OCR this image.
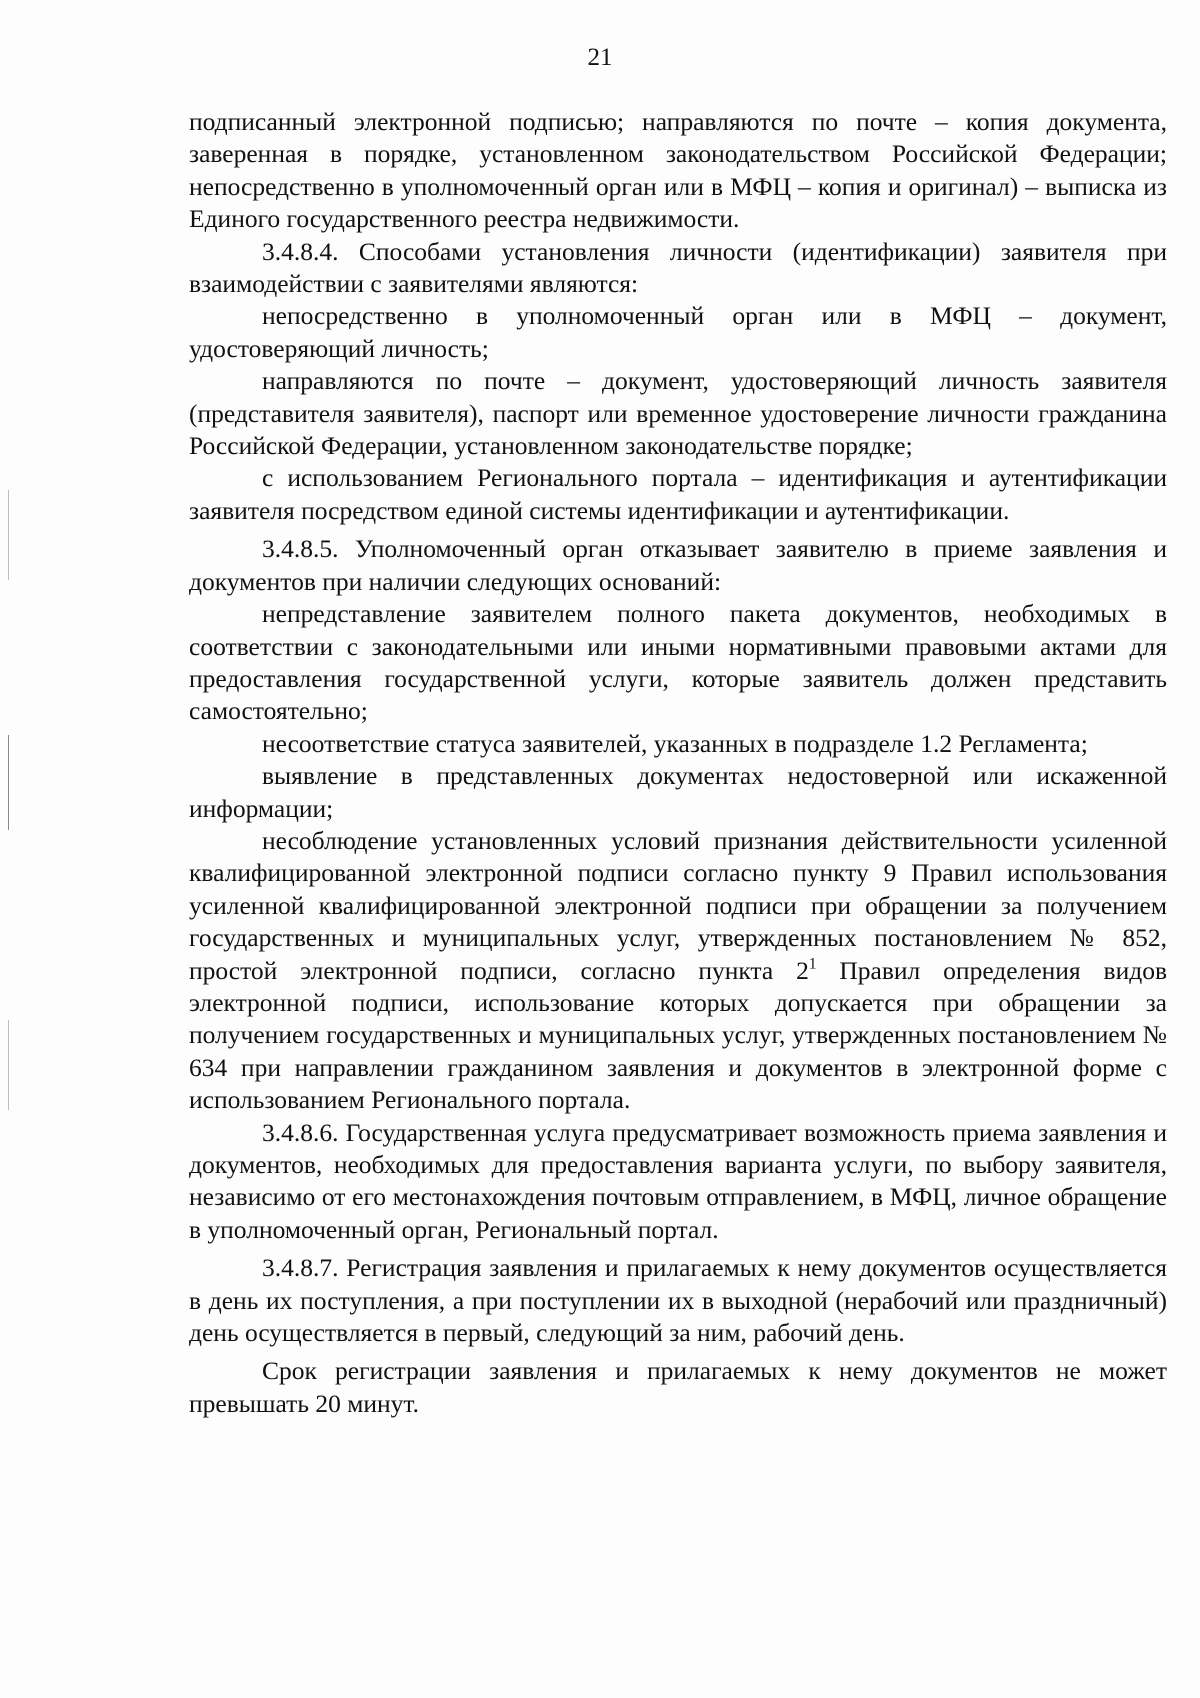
21

подписанный электронной подписью; направляются по почте – копия документа, заверенная в порядке, установленном законодательством Российской Федерации; непосредственно в уполномоченный орган или в МФЦ – копия и оригинал) – выписка из Единого государственного реестра недвижимости.

3.4.8.4. Способами установления личности (идентификации) заявителя при взаимодействии с заявителями являются:

непосредственно в уполномоченный орган или в МФЦ – документ, удостоверяющий личность;

направляются по почте – документ, удостоверяющий личность заявителя (представителя заявителя), паспорт или временное удостоверение личности гражданина Российской Федерации, установленном законодательстве порядке;

с использованием Регионального портала – идентификация и аутентификации заявителя посредством единой системы идентификации и аутентификации.

3.4.8.5. Уполномоченный орган отказывает заявителю в приеме заявления и документов при наличии следующих оснований:

непредставление заявителем полного пакета документов, необходимых в соответствии с законодательными или иными нормативными правовыми актами для предоставления государственной услуги, которые заявитель должен представить самостоятельно;

несоответствие статуса заявителей, указанных в подразделе 1.2 Регламента;

выявление в представленных документах недостоверной или искаженной информации;

несоблюдение установленных условий признания действительности усиленной квалифицированной электронной подписи согласно пункту 9 Правил использования усиленной квалифицированной электронной подписи при обращении за получением государственных и муниципальных услуг, утвержденных постановлением № 852, простой электронной подписи, согласно пункта $2^1$ Правил определения видов электронной подписи, использование которых допускается при обращении за получением государственных и муниципальных услуг, утвержденных постановлением № 634 при направлении гражданином заявления и документов в электронной форме с использованием Регионального портала.

3.4.8.6. Государственная услуга предусматривает возможность приема заявления и документов, необходимых для предоставления варианта услуги, по выбору заявителя, независимо от его местонахождения почтовым отправлением, в МФЦ, личное обращение в уполномоченный орган, Региональный портал.

3.4.8.7. Регистрация заявления и прилагаемых к нему документов осуществляется в день их поступления, а при поступлении их в выходной (нерабочий или праздничный) день осуществляется в первый, следующий за ним, рабочий день.

Срок регистрации заявления и прилагаемых к нему документов не может превышать 20 минут.
